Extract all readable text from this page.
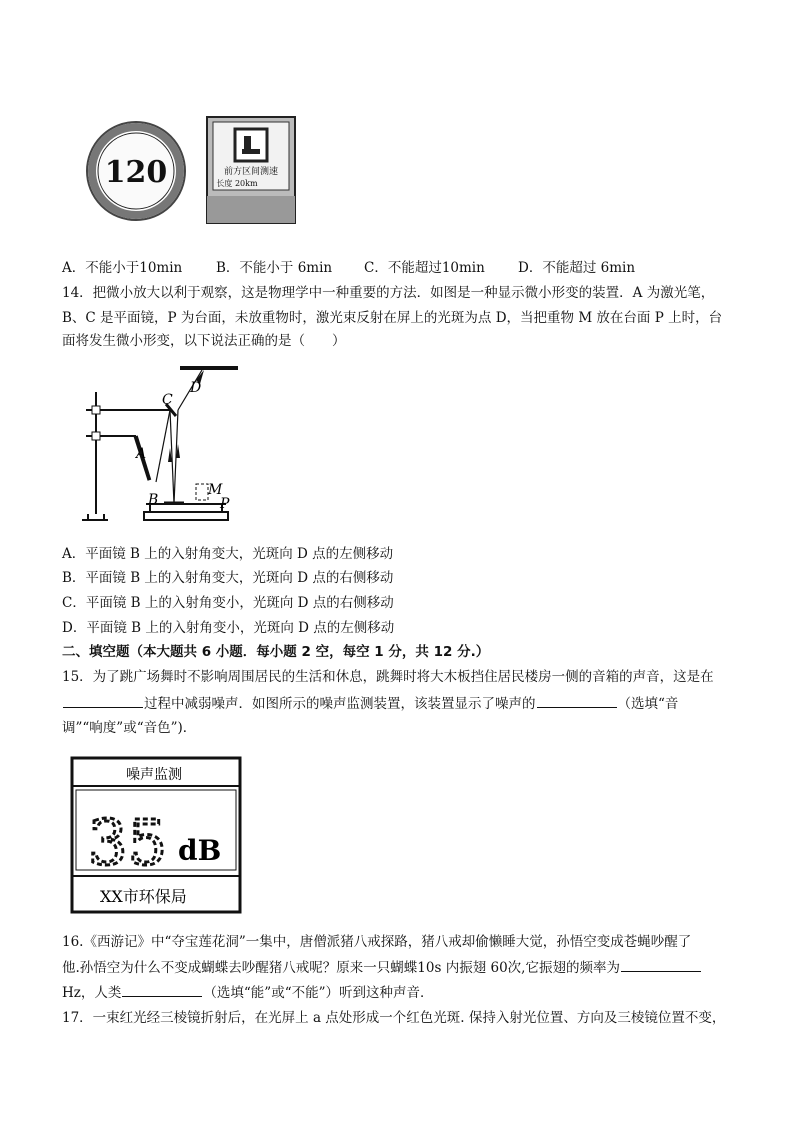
120	前方区间测速
长度 20km
A．不能小于10min	B．不能小于 6min C．不能超过10min D．不能超过 6min
14．把微小放大以利于观察，这是物理学中一种重要的方法．如图是一种显示微小形变的装置．A 为激光笔，
B、C 是平面镜，P 为台面，未放重物时，激光束反射在屏上的光斑为点 D，当把重物 M 放在台面 P 上时，台
面将发生微小形变，以下说法正确的是（　　）
D
C
A
B
M
P
A．平面镜 B 上的入射角变大，光斑向 D 点的左侧移动
B．平面镜 B 上的入射角变大，光斑向 D 点的右侧移动
C．平面镜 B 上的入射角变小，光斑向 D 点的右侧移动
D．平面镜 B 上的入射角变小，光斑向 D 点的左侧移动
二、填空题（本大题共 6 小题．每小题 2 空，每空 1 分，共 12 分.）
15．为了跳广场舞时不影响周围居民的生活和休息，跳舞时将大木板挡住居民楼房一侧的音箱的声音，这是在
过程中减弱噪声．如图所示的噪声监测装置，该装置显示了噪声的	（选填“音
调”“响度”或“音色”)．
噪声监测
35 dB
XX市环保局
16.《西游记》中“夺宝莲花洞”一集中，唐僧派猪八戒探路，猪八戒却偷懒睡大觉，孙悟空变成苍蝇吵醒了
他.孙悟空为什么不变成蝴蝶去吵醒猪八戒呢？原来一只蝴蝶10s 内振翅 60次,它振翅的频率为
Hz，人类	（选填“能”或“不能”）听到这种声音．
17．一束红光经三棱镜折射后，在光屏上 a 点处形成一个红色光斑. 保持入射光位置、方向及三棱镜位置不变，
